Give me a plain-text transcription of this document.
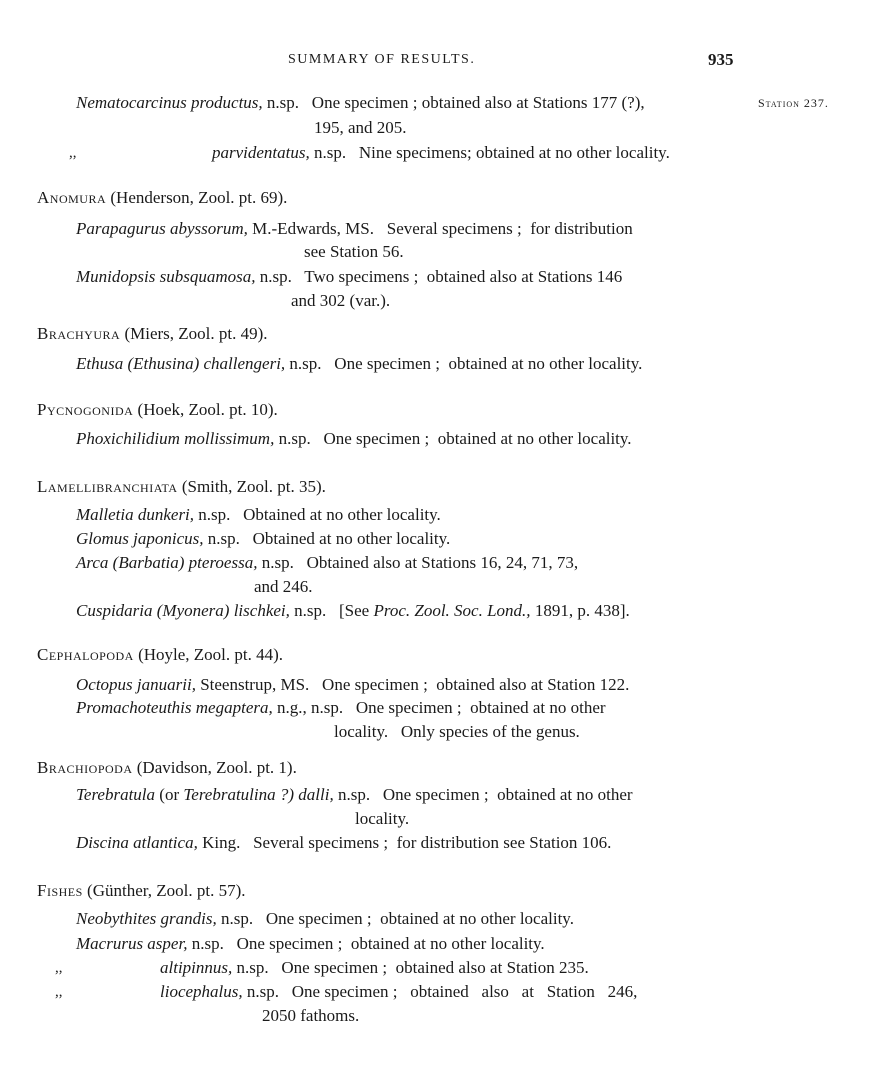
SUMMARY OF RESULTS.	935
Station 237.
Nematocarcinus productus, n.sp.   One specimen ; obtained also at Stations 177 (?),
195, and 205.
,,	parvidentatus, n.sp.   Nine specimens; obtained at no other locality.
Anomura (Henderson, Zool. pt. 69).
Parapagurus abyssorum, M.-Edwards, MS.   Several specimens ;  for distribution
see Station 56.
Munidopsis subsquamosa, n.sp.   Two specimens ;  obtained also at Stations 146
and 302 (var.).
Brachyura (Miers, Zool. pt. 49).
Ethusa (Ethusina) challengeri, n.sp.   One specimen ;  obtained at no other locality.
Pycnogonida (Hoek, Zool. pt. 10).
Phoxichilidium mollissimum, n.sp.   One specimen ;  obtained at no other locality.
Lamellibranchiata (Smith, Zool. pt. 35).
Malletia dunkeri, n.sp.   Obtained at no other locality.
Glomus japonicus, n.sp.   Obtained at no other locality.
Arca (Barbatia) pteroessa, n.sp.   Obtained also at Stations 16, 24, 71, 73,
and 246.
Cuspidaria (Myonera) lischkei, n.sp.   [See Proc. Zool. Soc. Lond., 1891, p. 438].
Cephalopoda (Hoyle, Zool. pt. 44).
Octopus januarii, Steenstrup, MS.   One specimen ;  obtained also at Station 122.
Promachoteuthis megaptera, n.g., n.sp.   One specimen ;  obtained at no other
locality.   Only species of the genus.
Brachiopoda (Davidson, Zool. pt. 1).
Terebratula (or Terebratulina ?) dalli, n.sp.   One specimen ;  obtained at no other
locality.
Discina atlantica, King.   Several specimens ;  for distribution see Station 106.
Fishes (Günther, Zool. pt. 57).
Neobythites grandis, n.sp.   One specimen ;  obtained at no other locality.
Macrurus asper, n.sp.   One specimen ;  obtained at no other locality.
,,	altipinnus, n.sp.   One specimen ;  obtained also at Station 235.
,,	liocephalus, n.sp.   One specimen ;   obtained   also   at   Station   246,
2050 fathoms.
